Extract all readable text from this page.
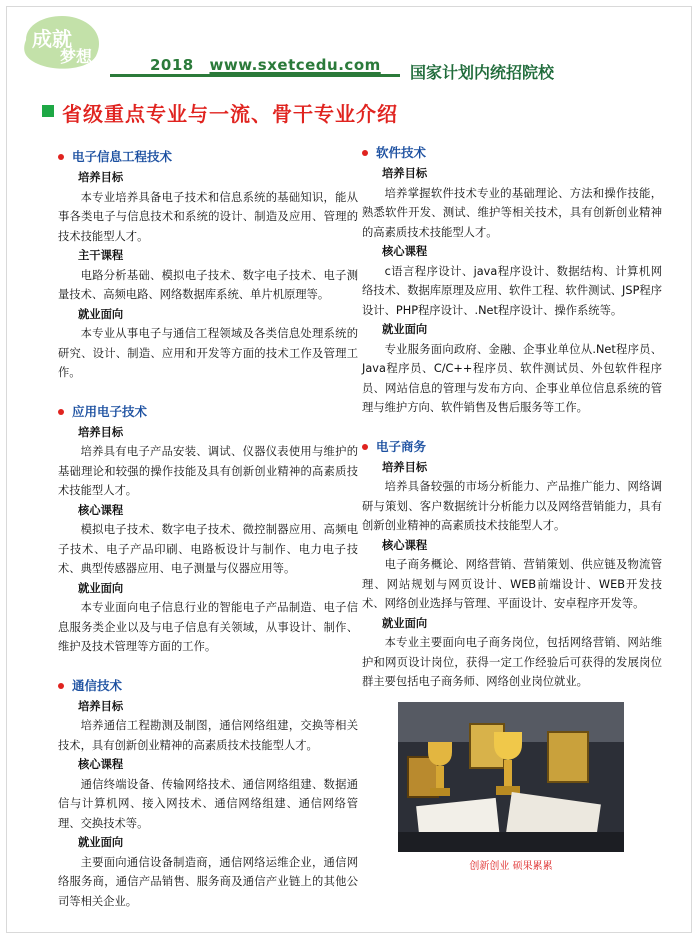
成就
梦想	2018 www.sxetcedu.com 国家计划内统招院校
省级重点专业与一流、骨干专业介绍
电子信息工程技术
培养目标
本专业培养具备电子技术和信息系统的基础知识，能从事各类电子与信息技术和系统的设计、制造及应用、管理的技术技能型人才。
主干课程
电路分析基础、模拟电子技术、数字电子技术、电子测量技术、高频电路、网络数据库系统、单片机原理等。
就业面向
本专业从事电子与通信工程领域及各类信息处理系统的研究、设计、制造、应用和开发等方面的技术工作及管理工作。
应用电子技术
培养目标
培养具有电子产品安装、调试、仪器仪表使用与维护的基础理论和较强的操作技能及具有创新创业精神的高素质技术技能型人才。
核心课程
模拟电子技术、数字电子技术、微控制器应用、高频电子技术、电子产品印刷、电路板设计与制作、电力电子技术、典型传感器应用、电子测量与仪器应用等。
就业面向
本专业面向电子信息行业的智能电子产品制造、电子信息服务类企业以及与电子信息有关领域，从事设计、制作、维护及技术管理等方面的工作。
通信技术
培养目标
培养通信工程勘测及制图，通信网络组建，交换等相关技术，具有创新创业精神的高素质技术技能型人才。
核心课程
通信终端设备、传输网络技术、通信网络组建、数据通信与计算机网、接入网技术、通信网络组建、通信网络管理、交换技术等。
就业面向
主要面向通信设备制造商，通信网络运维企业，通信网络服务商，通信产品销售、服务商及通信产业链上的其他公司等相关企业。
软件技术
培养目标
培养掌握软件技术专业的基础理论、方法和操作技能，熟悉软件开发、测试、维护等相关技术，具有创新创业精神的高素质技术技能型人才。
核心课程
c语言程序设计、java程序设计、数据结构、计算机网络技术、数据库原理及应用、软件工程、软件测试、JSP程序设计、PHP程序设计、.Net程序设计、操作系统等。
就业面向
专业服务面向政府、金融、企事业单位从.Net程序员、Java程序员、C/C++程序员、软件测试员、外包软件程序员、网站信息的管理与发布方向、企事业单位信息系统的管理与维护方向、软件销售及售后服务等工作。
电子商务
培养目标
培养具备较强的市场分析能力、产品推广能力、网络调研与策划、客户数据统计分析能力以及网络营销能力，具有创新创业精神的高素质技术技能型人才。
核心课程
电子商务概论、网络营销、营销策划、供应链及物流管理、网站规划与网页设计、WEB前端设计、WEB开发技术、网络创业选择与管理、平面设计、安卓程序开发等。
就业面向
本专业主要面向电子商务岗位，包括网络营销、网站维护和网页设计岗位，获得一定工作经验后可获得的发展岗位群主要包括电子商务师、网络创业岗位就业。
创新创业 硕果累累
